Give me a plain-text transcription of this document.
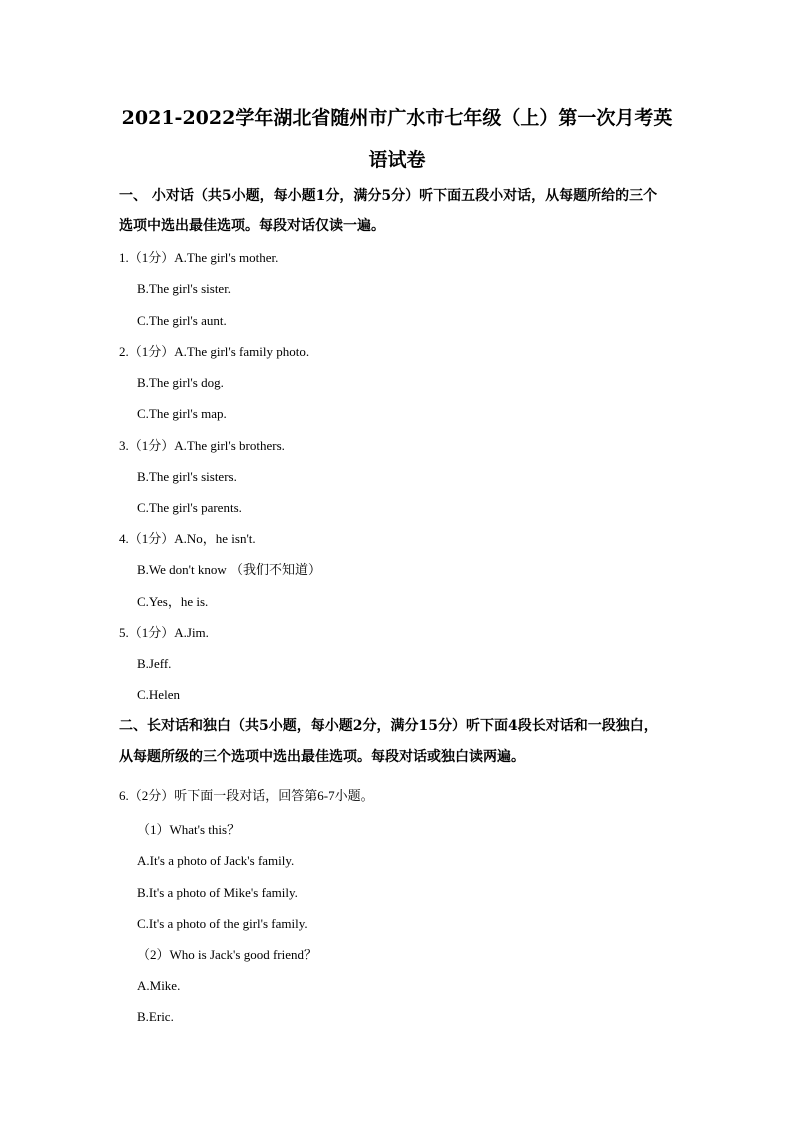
2021-2022学年湖北省随州市广水市七年级（上）第一次月考英
语试卷
一、 小对话（共5小题，每小题1分，满分5分）听下面五段小对话，从每题所给的三个
选项中选出最佳选项。每段对话仅读一遍。
1.（1分）A.The girl's mother.
B.The girl's sister.
C.The girl's aunt.
2.（1分）A.The girl's family photo.
B.The girl's dog.
C.The girl's map.
3.（1分）A.The girl's brothers.
B.The girl's sisters.
C.The girl's parents.
4.（1分）A.No，he isn't.
B.We don't know （我们不知道）
C.Yes，he is.
5.（1分）A.Jim.
B.Jeff.
C.Helen
二、长对话和独白（共5小题，每小题2分，满分15分）听下面4段长对话和一段独白，
从每题所级的三个选项中选出最佳选项。每段对话或独白读两遍。
6.（2分）听下面一段对话，回答第6-7小题。
（1）What's this？
A.It's a photo of Jack's family.
B.It's a photo of Mike's family.
C.It's a photo of the girl's family.
（2）Who is Jack's good friend？
A.Mike.
B.Eric.
